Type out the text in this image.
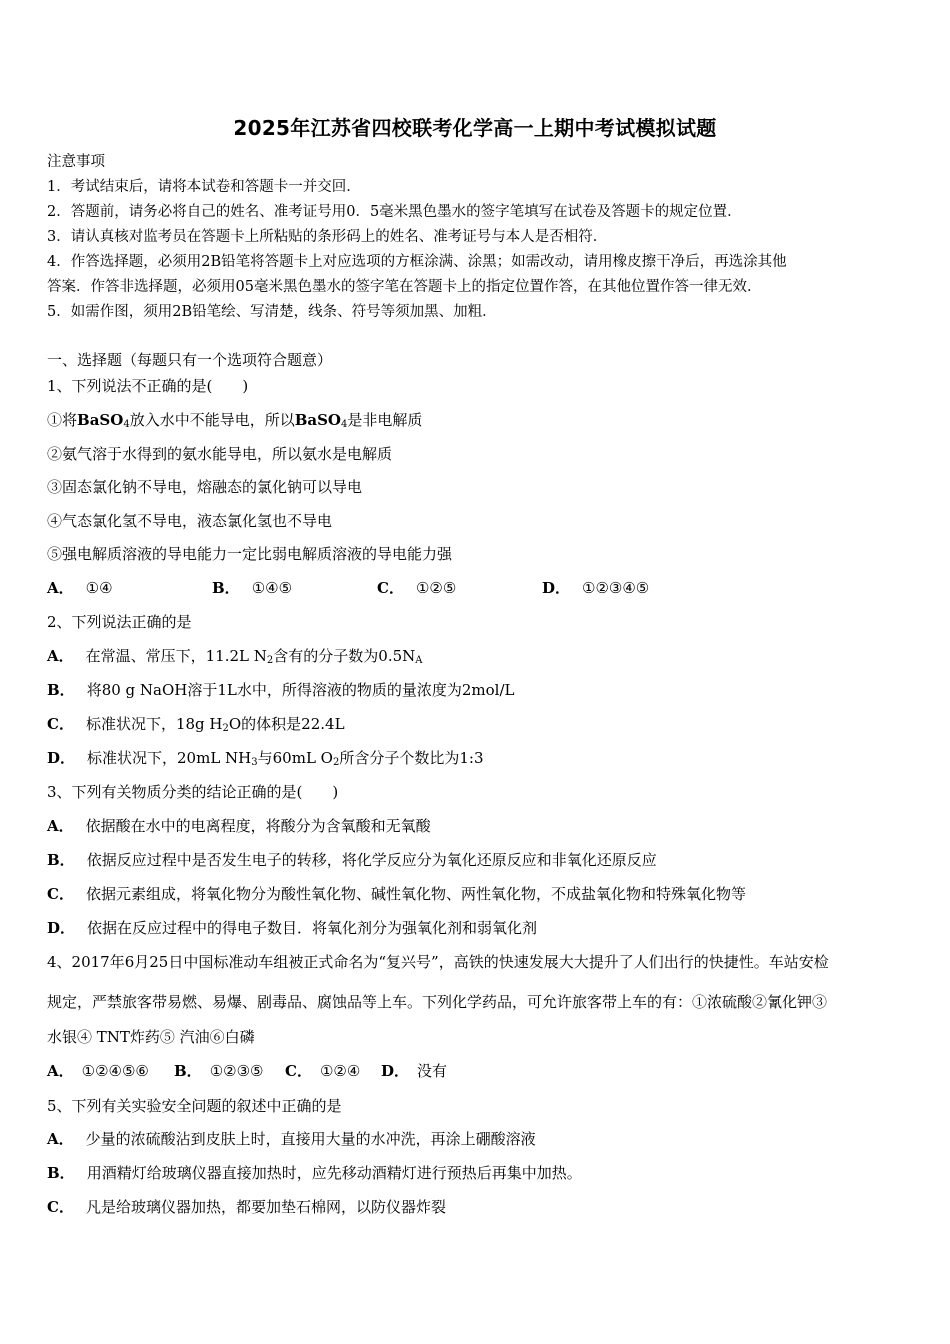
2025年江苏省四校联考化学高一上期中考试模拟试题
注意事项
1．考试结束后，请将本试卷和答题卡一并交回．
2．答题前，请务必将自己的姓名、准考证号用0．5毫米黑色墨水的签字笔填写在试卷及答题卡的规定位置．
3．请认真核对监考员在答题卡上所粘贴的条形码上的姓名、准考证号与本人是否相符．
4．作答选择题，必须用2B铅笔将答题卡上对应选项的方框涂满、涂黑；如需改动，请用橡皮擦干净后，再选涂其他
答案．作答非选择题，必须用05毫米黑色墨水的签字笔在答题卡上的指定位置作答，在其他位置作答一律无效．
5．如需作图，须用2B铅笔绘、写清楚，线条、符号等须加黑、加粗．
一、选择题（每题只有一个选项符合题意）
1、下列说法不正确的是(　　)
①将BaSO$_4$放入水中不能导电，所以BaSO$_4$是非电解质
②氨气溶于水得到的氨水能导电，所以氨水是电解质
③固态氯化钠不导电，熔融态的氯化钠可以导电
④气态氯化氢不导电，液态氯化氢也不导电
⑤强电解质溶液的导电能力一定比弱电解质溶液的导电能力强
A． ①④	B． ①④⑤	C． ①②⑤	D． ①②③④⑤
2、下列说法正确的是
A． 在常温、常压下，11.2L $N_2$含有的分子数为$0.5N_A$
B． 将80 g NaOH溶于1L水中，所得溶液的物质的量浓度为2mol/L
C． 标准状况下，18g $H_2O$的体积是22.4L
D． 标准状况下，20mL $NH_3$与60mL $O_2$所含分子个数比为1:3
3、下列有关物质分类的结论正确的是(　　)
A． 依据酸在水中的电离程度，将酸分为含氧酸和无氧酸
B． 依据反应过程中是否发生电子的转移，将化学反应分为氧化还原反应和非氧化还原反应
C． 依据元素组成，将氧化物分为酸性氧化物、碱性氧化物、两性氧化物，不成盐氧化物和特殊氧化物等
D． 依据在反应过程中的得电子数目．将氧化剂分为强氧化剂和弱氧化剂
4、2017年6月25日中国标准动车组被正式命名为“复兴号”，高铁的快速发展大大提升了人们出行的快捷性。车站安检
规定，严禁旅客带易燃、易爆、剧毒品、腐蚀品等上车。下列化学药品，可允许旅客带上车的有：①浓硫酸②氰化钾③
水银④ TNT炸药⑤ 汽油⑥白磷
A． ①②④⑤⑥ B． ①②③⑤ C． ①②④ D． 没有
5、下列有关实验安全问题的叙述中正确的是
A． 少量的浓硫酸沾到皮肤上时，直接用大量的水冲洗，再涂上硼酸溶液
B． 用酒精灯给玻璃仪器直接加热时，应先移动酒精灯进行预热后再集中加热。
C． 凡是给玻璃仪器加热，都要加垫石棉网，以防仪器炸裂
